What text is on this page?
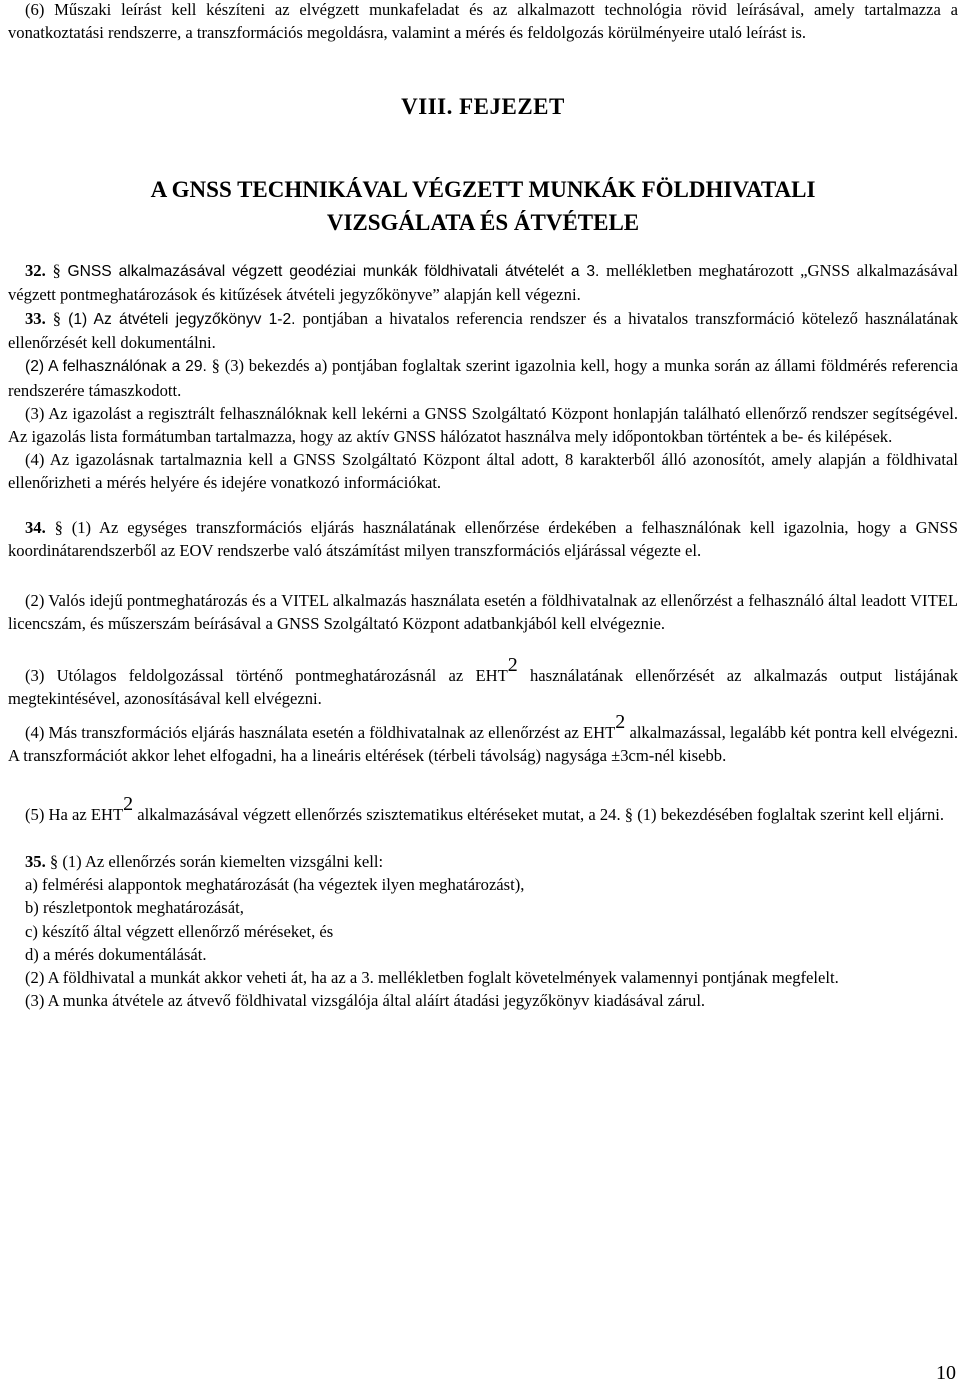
(6) Műszaki leírást kell készíteni az elvégzett munkafeladat és az alkalmazott technológia rövid leírásával, amely tartalmazza a vonatkoztatási rendszerre, a transzformációs megoldásra, valamint a mérés és feldolgozás körülményeire utaló leírást is.

VIII. FEJEZET
A GNSS TECHNIKÁVAL VÉGZETT MUNKÁK FÖLDHIVATALI
VIZSGÁLATA ÉS ÁTVÉTELE

32. § GNSS alkalmazásával végzett geodéziai munkák földhivatali átvételét a 3. mellékletben meghatározott „GNSS alkalmazásával végzett pontmeghatározások és kitűzések átvételi jegyzőkönyve” alapján kell végezni.

33. § (1) Az átvételi jegyzőkönyv 1-2. pontjában a hivatalos referencia rendszer és a hivatalos transzformáció kötelező használatának ellenőrzését kell dokumentálni.

(2) A felhasználónak a 29. § (3) bekezdés a) pontjában foglaltak szerint igazolnia kell, hogy a munka során az állami földmérés referencia rendszerére támaszkodott.

(3) Az igazolást a regisztrált felhasználóknak kell lekérni a GNSS Szolgáltató Központ honlapján található ellenőrző rendszer segítségével. Az igazolás lista formátumban tartalmazza, hogy az aktív GNSS hálózatot használva mely időpontokban történtek a be- és kilépések.

(4) Az igazolásnak tartalmaznia kell a GNSS Szolgáltató Központ által adott, 8 karakterből álló azonosítót, amely alapján a földhivatal ellenőrizheti a mérés helyére és idejére vonatkozó információkat.

34. § (1) Az egységes transzformációs eljárás használatának ellenőrzése érdekében a felhasználónak kell igazolnia, hogy a GNSS koordinátarendszerből az EOV rendszerbe való átszámítást milyen transzformációs eljárással végezte el.

(2) Valós idejű pontmeghatározás és a VITEL alkalmazás használata esetén a földhivatalnak az ellenőrzést a felhasználó által leadott VITEL licencszám, és műszerszám beírásával a GNSS Szolgáltató Központ adatbankjából kell elvégeznie.

(3) Utólagos feldolgozással történő pontmeghatározásnál az EHT2 használatának ellenőrzését az alkalmazás output listájának megtekintésével, azonosításával kell elvégezni.

(4) Más transzformációs eljárás használata esetén a földhivatalnak az ellenőrzést az EHT2 alkalmazással, legalább két pontra kell elvégezni. A transzformációt akkor lehet elfogadni, ha a lineáris eltérések (térbeli távolság) nagysága ±3cm-nél kisebb.

(5) Ha az EHT2 alkalmazásával végzett ellenőrzés szisztematikus eltéréseket mutat, a 24. § (1) bekezdésében foglaltak szerint kell eljárni.

35. § (1) Az ellenőrzés során kiemelten vizsgálni kell:

a) felmérési alappontok meghatározását (ha végeztek ilyen meghatározást),

b) részletpontok meghatározását,

c) készítő által végzett ellenőrző méréseket, és

d) a mérés dokumentálását.

(2) A földhivatal a munkát akkor veheti át, ha az a 3. mellékletben foglalt követelmények valamennyi pontjának megfelelt.

(3) A munka átvétele az átvevő földhivatal vizsgálója által aláírt átadási jegyzőkönyv kiadásával zárul.

10
